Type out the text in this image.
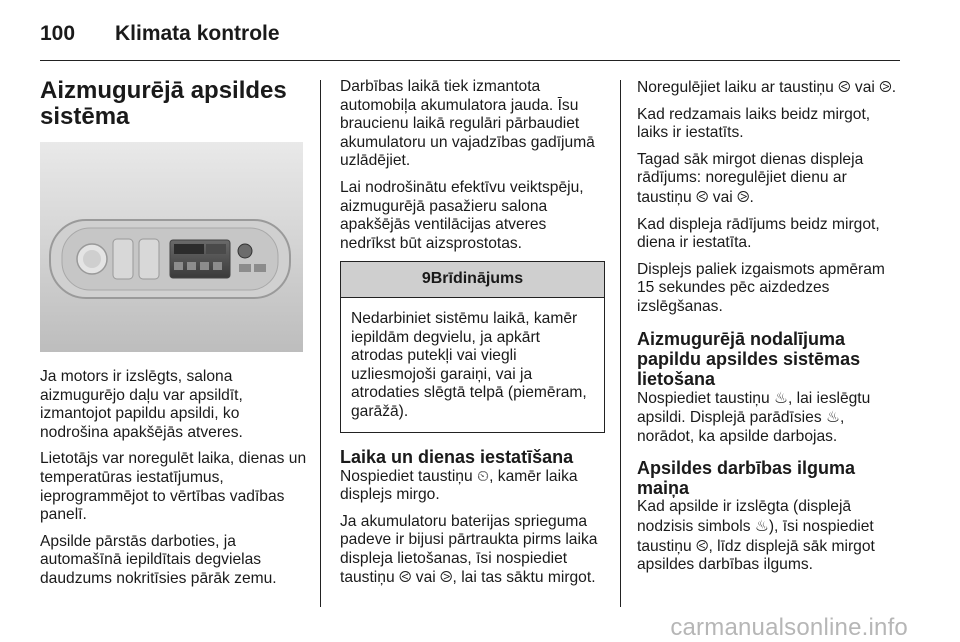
100 Klimata kontrole
Aizmugurējā apsildes sistēma

Ja motors ir izslēgts, salona aizmugurējo daļu var apsildīt, izmantojot papildu apsildi, ko nodrošina apakšējās atveres.

Lietotājs var noregulēt laika, dienas un temperatūras iestatījumus, ieprogrammējot to vērtības vadības panelī.

Apsilde pārstās darboties, ja automašīnā iepildītais degvielas daudzums nokritīsies pārāk zemu.

Darbības laikā tiek izmantota automobiļa akumulatora jauda. Īsu braucienu laikā regulāri pārbaudiet akumulatoru un vajadzības gadījumā uzlādējiet.

Lai nodrošinātu efektīvu veiktspēju, aizmugurējā pasažieru salona apakšējās ventilācijas atveres nedrīkst būt aizsprostotas.

9Brīdinājums
Nedarbiniet sistēmu laikā, kamēr iepildām degvielu, ja apkārt atrodas putekļi vai viegli uzliesmojoši garaiņi, vai ja atrodaties slēgtā telpā (piemēram, garāžā).
Laika un dienas iestatīšana

Nospiediet taustiņu ⏲, kamēr laika displejs mirgo.

Ja akumulatoru baterijas sprieguma padeve ir bijusi pārtraukta pirms laika displeja lietošanas, īsi nospiediet taustiņu ⧀ vai ⧁, lai tas sāktu mirgot.

Noregulējiet laiku ar taustiņu ⧀ vai ⧁.

Kad redzamais laiks beidz mirgot, laiks ir iestatīts.

Tagad sāk mirgot dienas displeja rādījums: noregulējiet dienu ar taustiņu ⧀ vai ⧁.

Kad displeja rādījums beidz mirgot, diena ir iestatīta.

Displejs paliek izgaismots apmēram 15 sekundes pēc aizdedzes izslēgšanas.

Aizmugurējā nodalījuma papildu apsildes sistēmas lietošana

Nospiediet taustiņu ♨, lai ieslēgtu apsildi. Displejā parādīsies ♨, norādot, ka apsilde darbojas.

Apsildes darbības ilguma maiņa

Kad apsilde ir izslēgta (displejā nodzisis simbols ♨), īsi nospiediet taustiņu ⧀, līdz displejā sāk mirgot apsildes darbības ilgums.

carmanualsonline.info
